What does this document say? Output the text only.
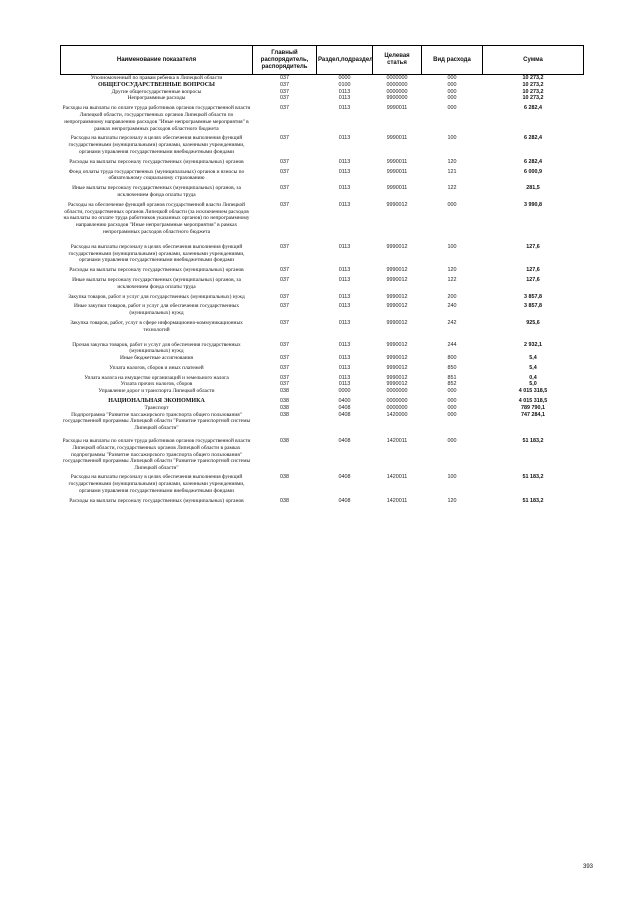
Наименование показателя	Главный распорядитель, распорядитель	Раздел,подраздел	Целевая статья	Вид расхода	Сумма
Уполномоченный по правам ребенка в Липецкой области	037	0000	0000000	000	10 273,2
ОБЩЕГОСУДАРСТВЕННЫЕ ВОПРОСЫ	037	0100	0000000	000	10 273,2
Другие общегосударственные вопросы	037	0113	0000000	000	10 273,2
Непрограммные расходы	037	0113	9900000	000	10 273,2
Расходы на выплаты по оплате труда работников органов государственной власти Липецкой области, государственных органов Липецкой области по непрограммному направлению расходов "Иные непрограммные мероприятия" в рамках непрограммных расходов областного бюджета	037	0113	9990011	000	6 282,4
Расходы на выплаты персоналу в целях обеспечения выполнения функций государственными (муниципальными) органами, казенными учреждениями, органами управления государственными внебюджетными фондами	037	0113	9990011	100	6 282,4
Расходы на выплаты персоналу государственных (муниципальных) органов	037	0113	9990011	120	6 282,4
Фонд оплаты труда государственных (муниципальных) органов и взносы по обязательному социальному страхованию	037	0113	9990011	121	6 000,9
Иные выплаты персоналу государственных (муниципальных) органов, за исключением фонда оплаты труда	037	0113	9990011	122	281,5
Расходы на обеспечение функций органов государственной власти Липецкой области, государственных органов Липецкой области (за исключением расходов на выплаты по оплате труда работников указанных органов) по непрограммному направлению расходов "Иные непрограммные мероприятия" в рамках непрограммных расходов областного бюджета	037	0113	9990012	000	3 990,8
Расходы на выплаты персоналу в целях обеспечения выполнения функций государственными (муниципальными) органами, казенными учреждениями, органами управления государственными внебюджетными фондами	037	0113	9990012	100	127,6
Расходы на выплаты персоналу государственных (муниципальных) органов	037	0113	9990012	120	127,6
Иные выплаты персоналу государственных (муниципальных) органов, за исключением фонда оплаты труда	037	0113	9990012	122	127,6
Закупка товаров, работ и услуг для государственных (муниципальных) нужд	037	0113	9990012	200	3 857,8
Иные закупки товаров, работ и услуг для обеспечения государственных (муниципальных) нужд	037	0113	9990012	240	3 857,8
Закупка товаров, работ, услуг в сфере информационно-коммуникационных технологий	037	0113	9990012	242	925,6
Прочая закупка товаров, работ и услуг для обеспечения государственных (муниципальных) нужд	037	0113	9990012	244	2 932,1
Иные бюджетные ассигнования	037	0113	9990012	800	5,4
Уплата налогов, сборов и иных платежей	037	0113	9990012	850	5,4
Уплата налога на имущество организаций и земельного налога	037	0113	9990012	851	0,4
Уплата прочих налогов, сборов	037	0113	9990012	852	5,0
Управление дорог и транспорта Липецкой области	038	0000	0000000	000	4 015 318,5
НАЦИОНАЛЬНАЯ ЭКОНОМИКА	038	0400	0000000	000	4 015 318,5
Транспорт	038	0408	0000000	000	789 790,1
Подпрограмма "Развитие пассажирского транспорта общего пользования" государственной программы Липецкой области "Развитие транспортной системы Липецкой области"	038	0408	1420000	000	747 284,1
Расходы на выплаты по оплате труда работников органов государственной власти Липецкой области, государственных органов Липецкой области в рамках подпрограммы "Развитие пассажирского транспорта общего пользования" государственной программы Липецкой области "Развитие транспортной системы Липецкой области"	038	0408	1420011	000	51 183,2
Расходы на выплаты персоналу в целях обеспечения выполнения функций государственными (муниципальными) органами, казенными учреждениями, органами управления государственными внебюджетными фондами	038	0408	1420011	100	51 183,2
Расходы на выплаты персоналу государственных (муниципальных) органов	038	0408	1420011	120	51 183,2
393
